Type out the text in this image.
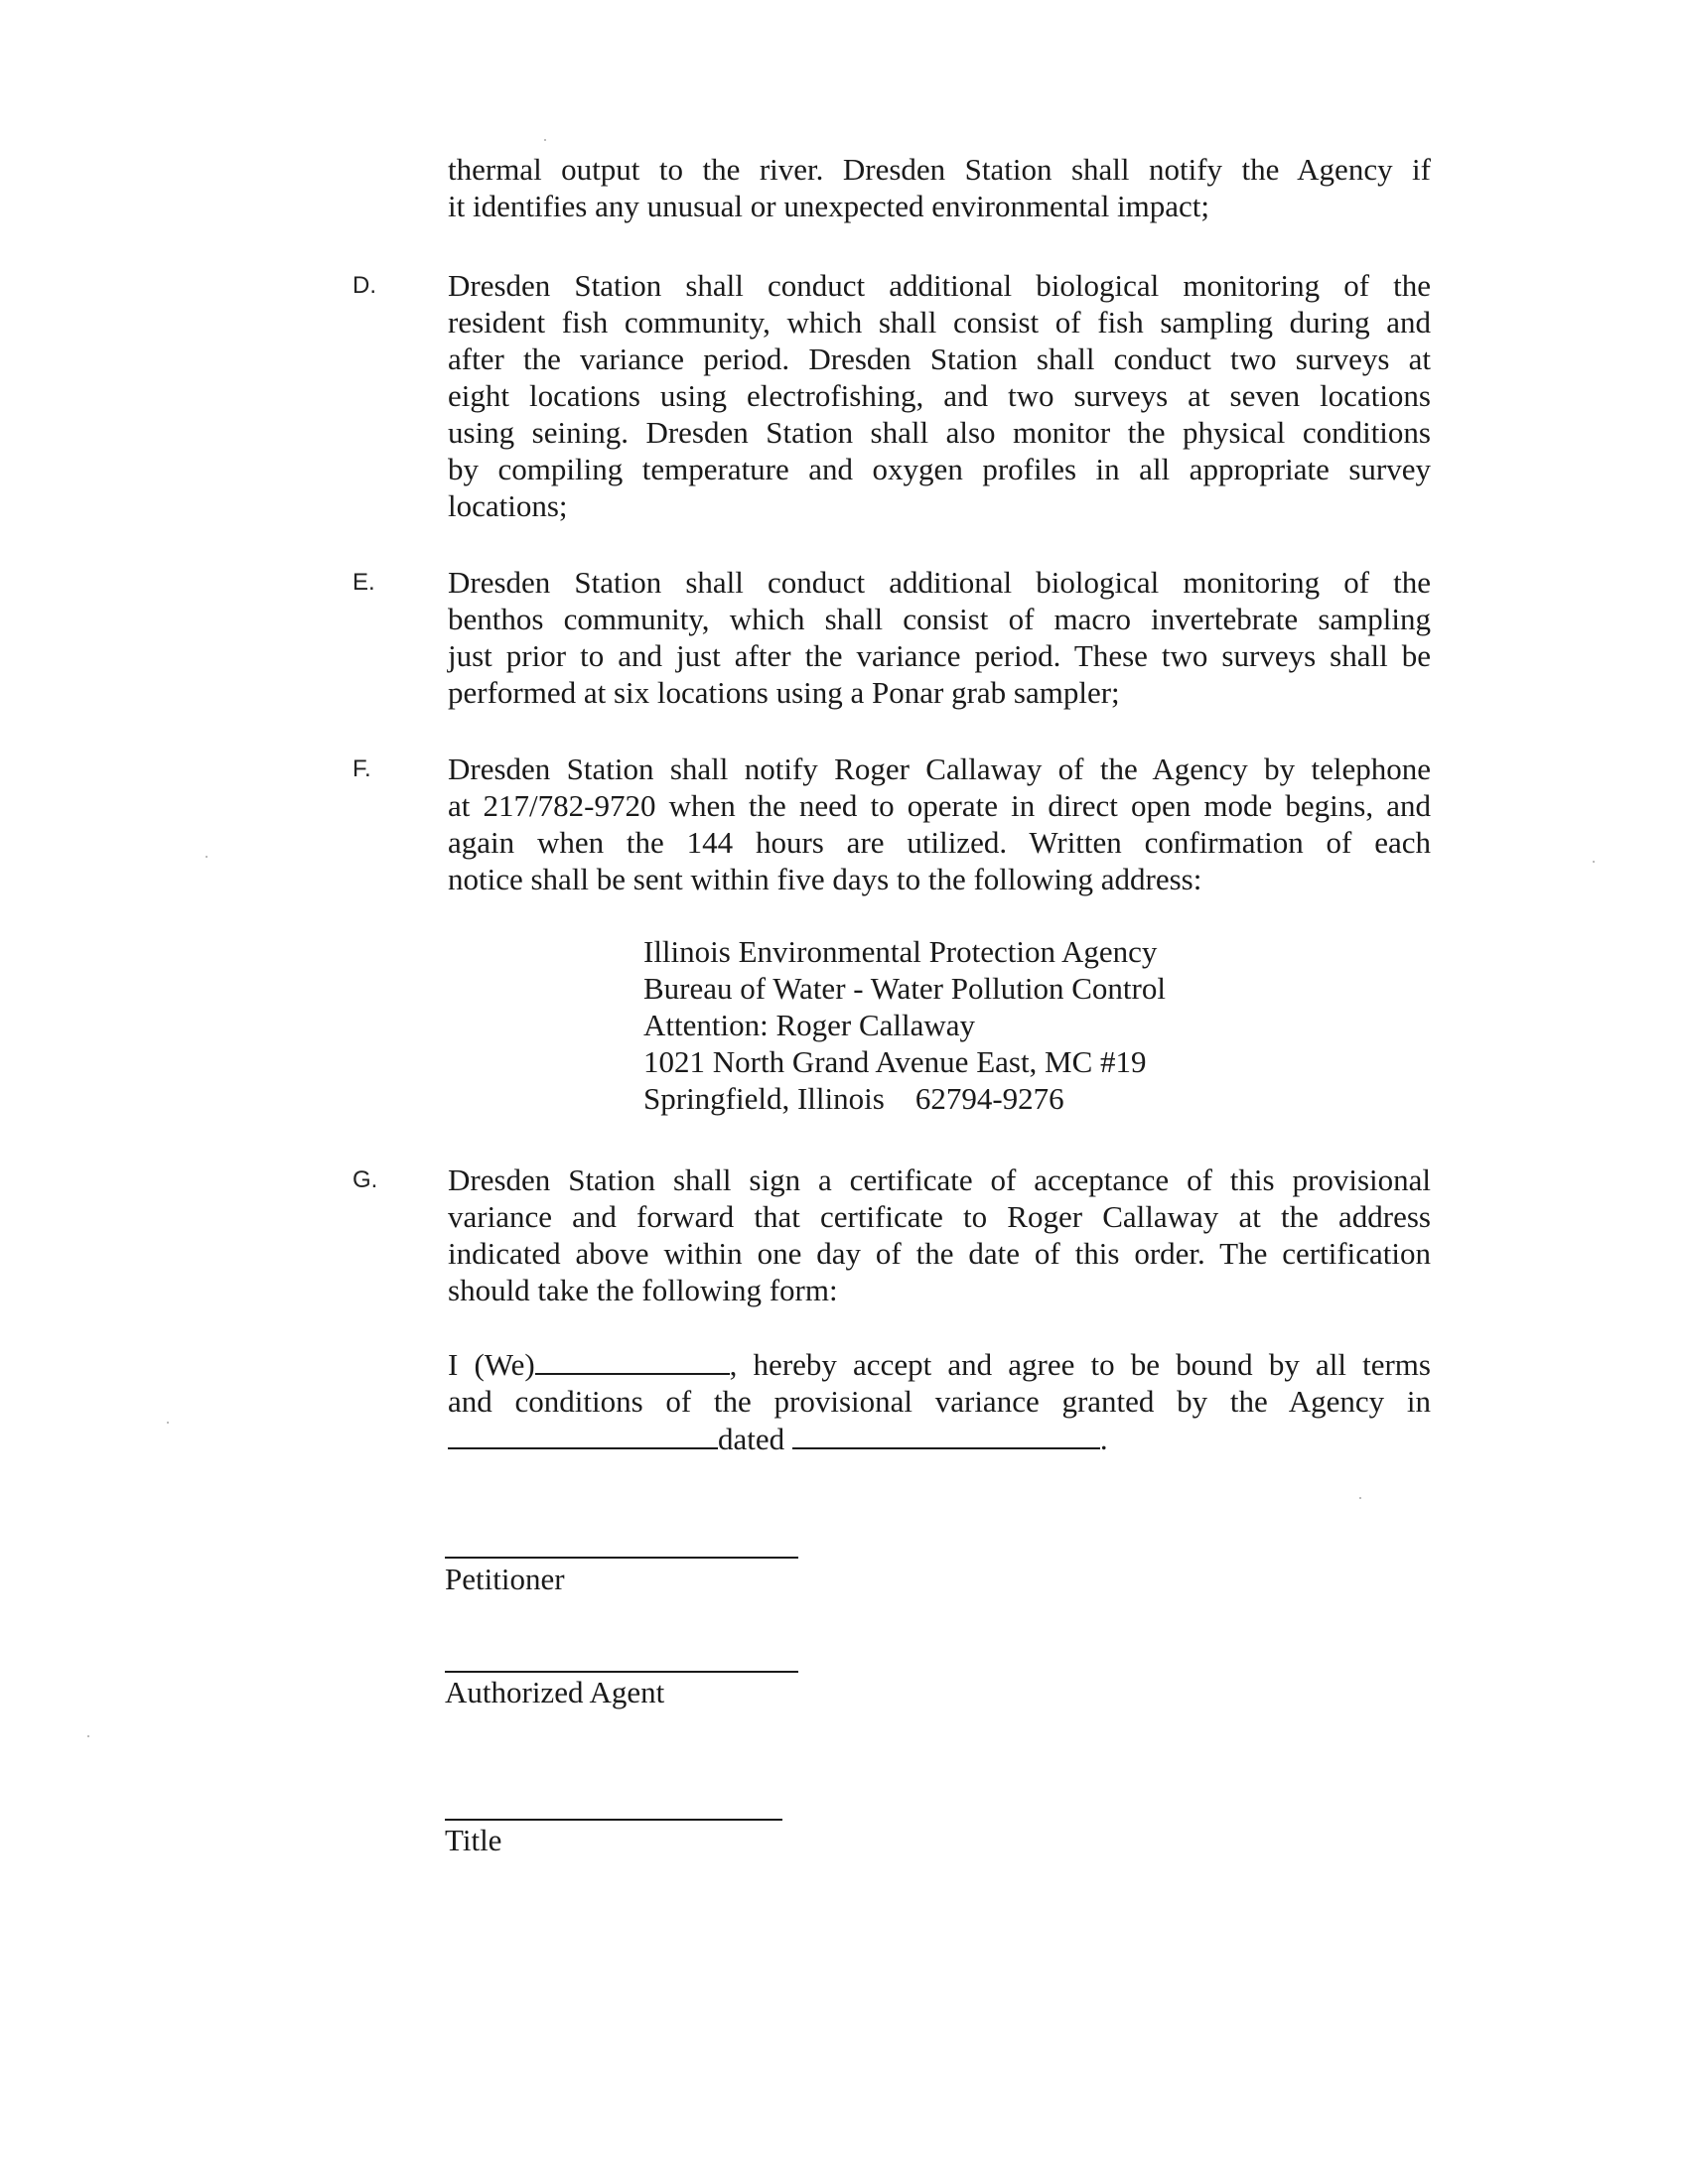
thermal output to the river. Dresden Station shall notify the Agency if
it identifies any unusual or unexpected environmental impact;

D. Dresden Station shall conduct additional biological monitoring of the
resident fish community, which shall consist of fish sampling during and
after the variance period. Dresden Station shall conduct two surveys at
eight locations using electrofishing, and two surveys at seven locations
using seining. Dresden Station shall also monitor the physical conditions
by compiling temperature and oxygen profiles in all appropriate survey
locations;

E. Dresden Station shall conduct additional biological monitoring of the
benthos community, which shall consist of macro invertebrate sampling
just prior to and just after the variance period. These two surveys shall be
performed at six locations using a Ponar grab sampler;

F. Dresden Station shall notify Roger Callaway of the Agency by telephone
at 217/782-9720 when the need to operate in direct open mode begins, and
again when the 144 hours are utilized. Written confirmation of each
notice shall be sent within five days to the following address:

Illinois Environmental Protection Agency
Bureau of Water - Water Pollution Control
Attention: Roger Callaway
1021 North Grand Avenue East, MC #19
Springfield, Illinois    62794-9276
G. Dresden Station shall sign a certificate of acceptance of this provisional
variance and forward that certificate to Roger Callaway at the address
indicated above within one day of the date of this order. The certification
should take the following form:

I (We)	, hereby accept and agree to be bound by all terms
and conditions of the provisional variance granted by the Agency in
dated	.
Petitioner
Authorized Agent
Title
